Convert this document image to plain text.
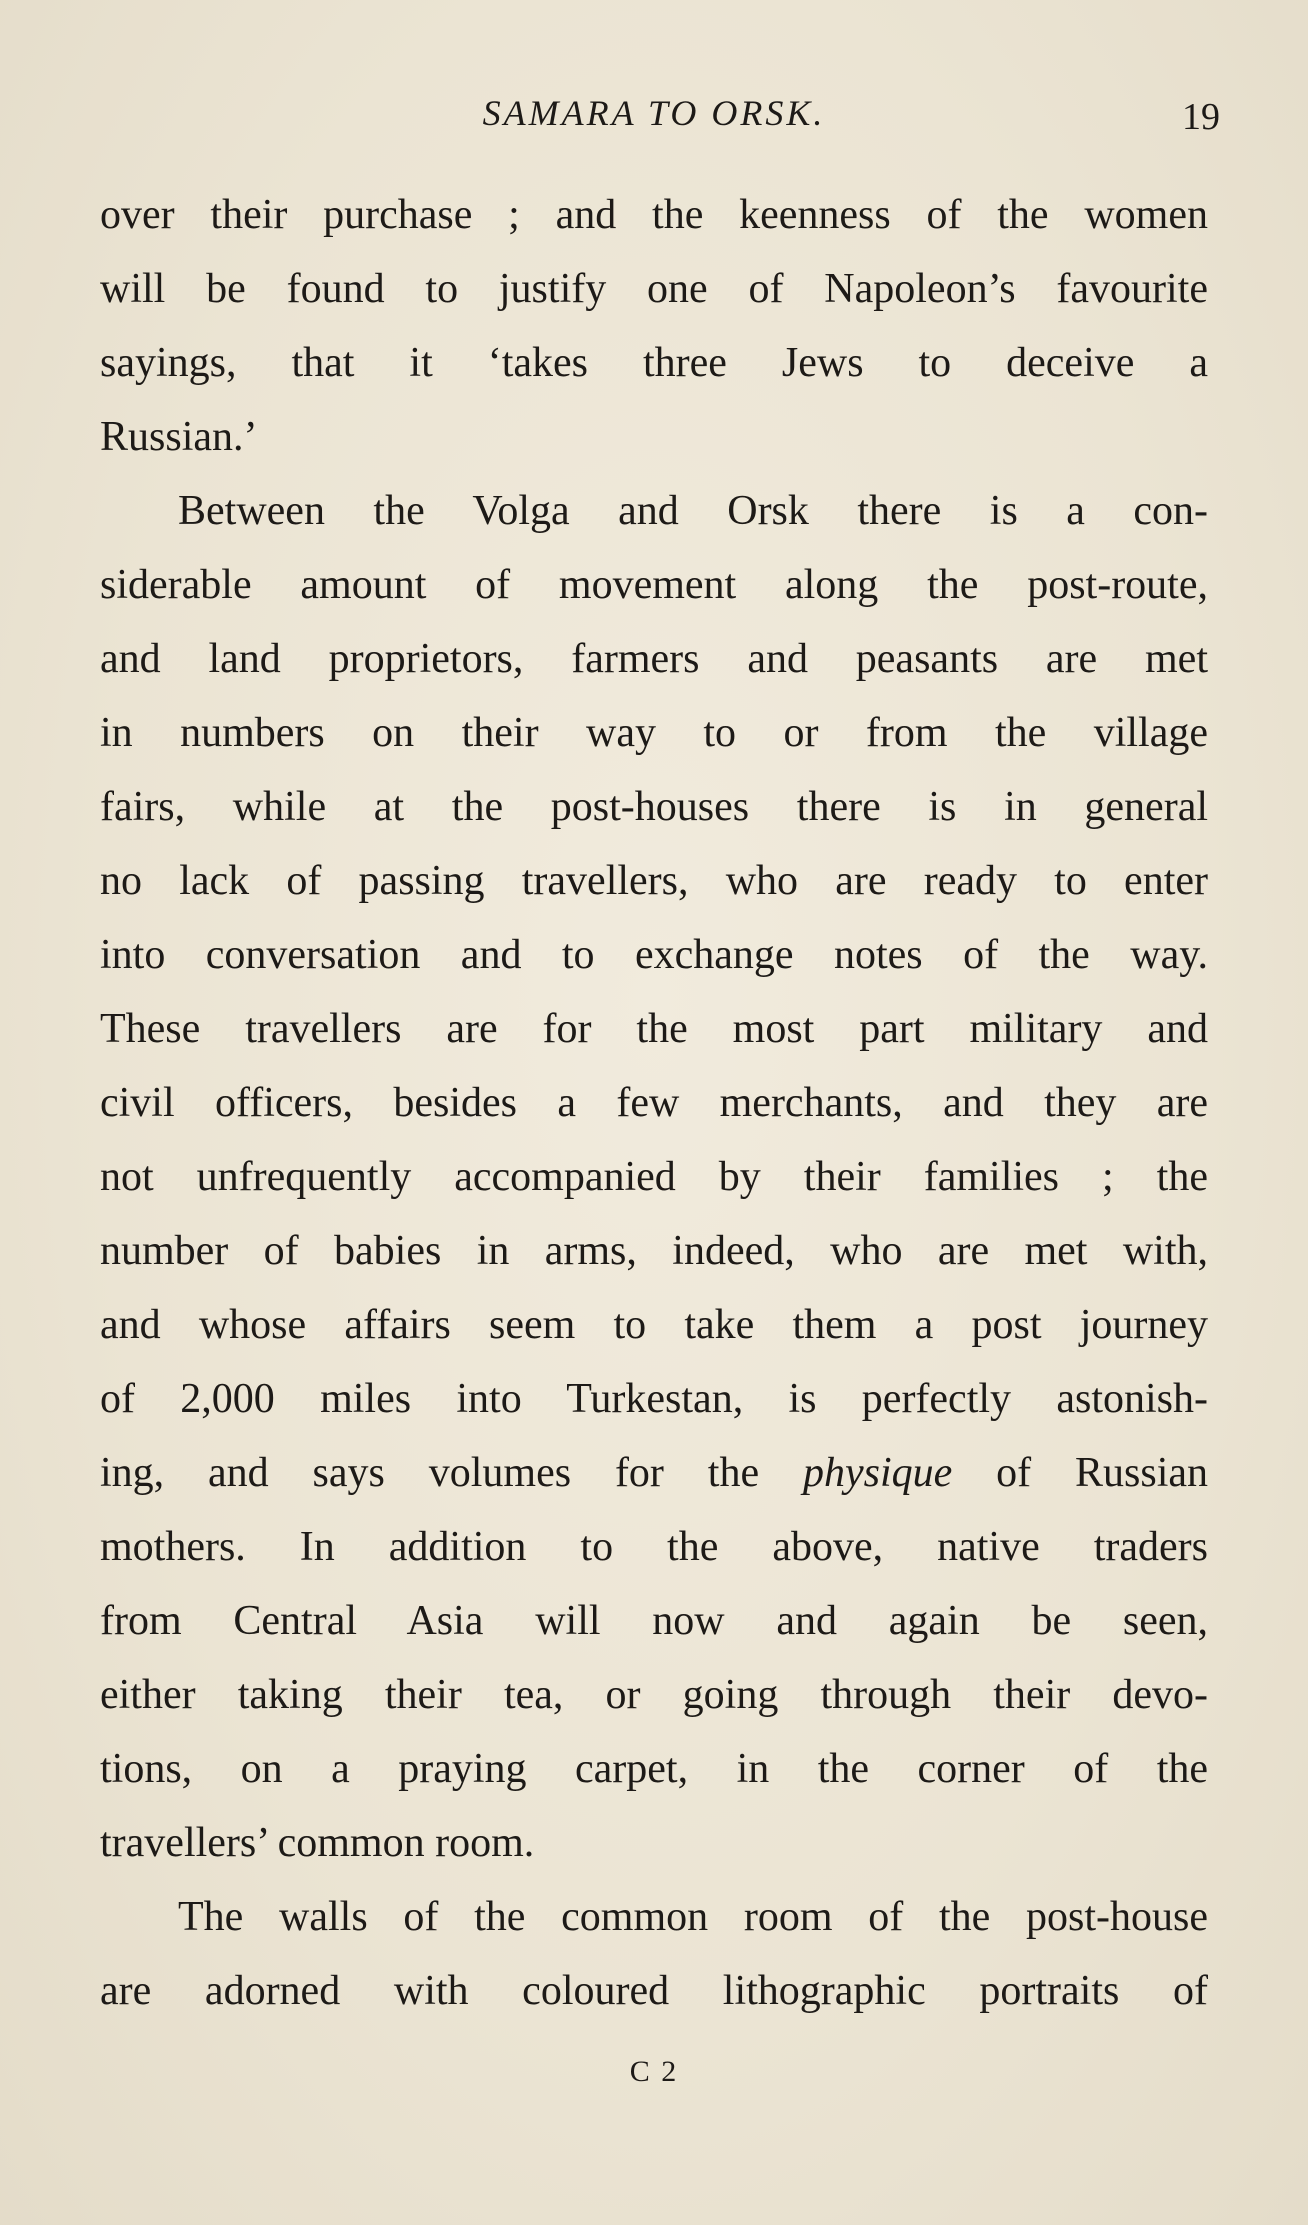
SAMARA TO ORSK.	19
over their purchase ; and the keenness of the women
will be found to justify one of Napoleon’s favourite
sayings, that it ‘takes three Jews to deceive a
Russian.’
Between the Volga and Orsk there is a con-
siderable amount of movement along the post-route,
and land proprietors, farmers and peasants are met
in numbers on their way to or from the village
fairs, while at the post-houses there is in general
no lack of passing travellers, who are ready to enter
into conversation and to exchange notes of the way.
These travellers are for the most part military and
civil officers, besides a few merchants, and they are
not unfrequently accompanied by their families ; the
number of babies in arms, indeed, who are met with,
and whose affairs seem to take them a post journey
of 2,000 miles into Turkestan, is perfectly astonish-
ing, and says volumes for the physique of Russian
mothers. In addition to the above, native traders
from Central Asia will now and again be seen,
either taking their tea, or going through their devo-
tions, on a praying carpet, in the corner of the
travellers’ common room.
The walls of the common room of the post-house
are adorned with coloured lithographic portraits of
C 2
